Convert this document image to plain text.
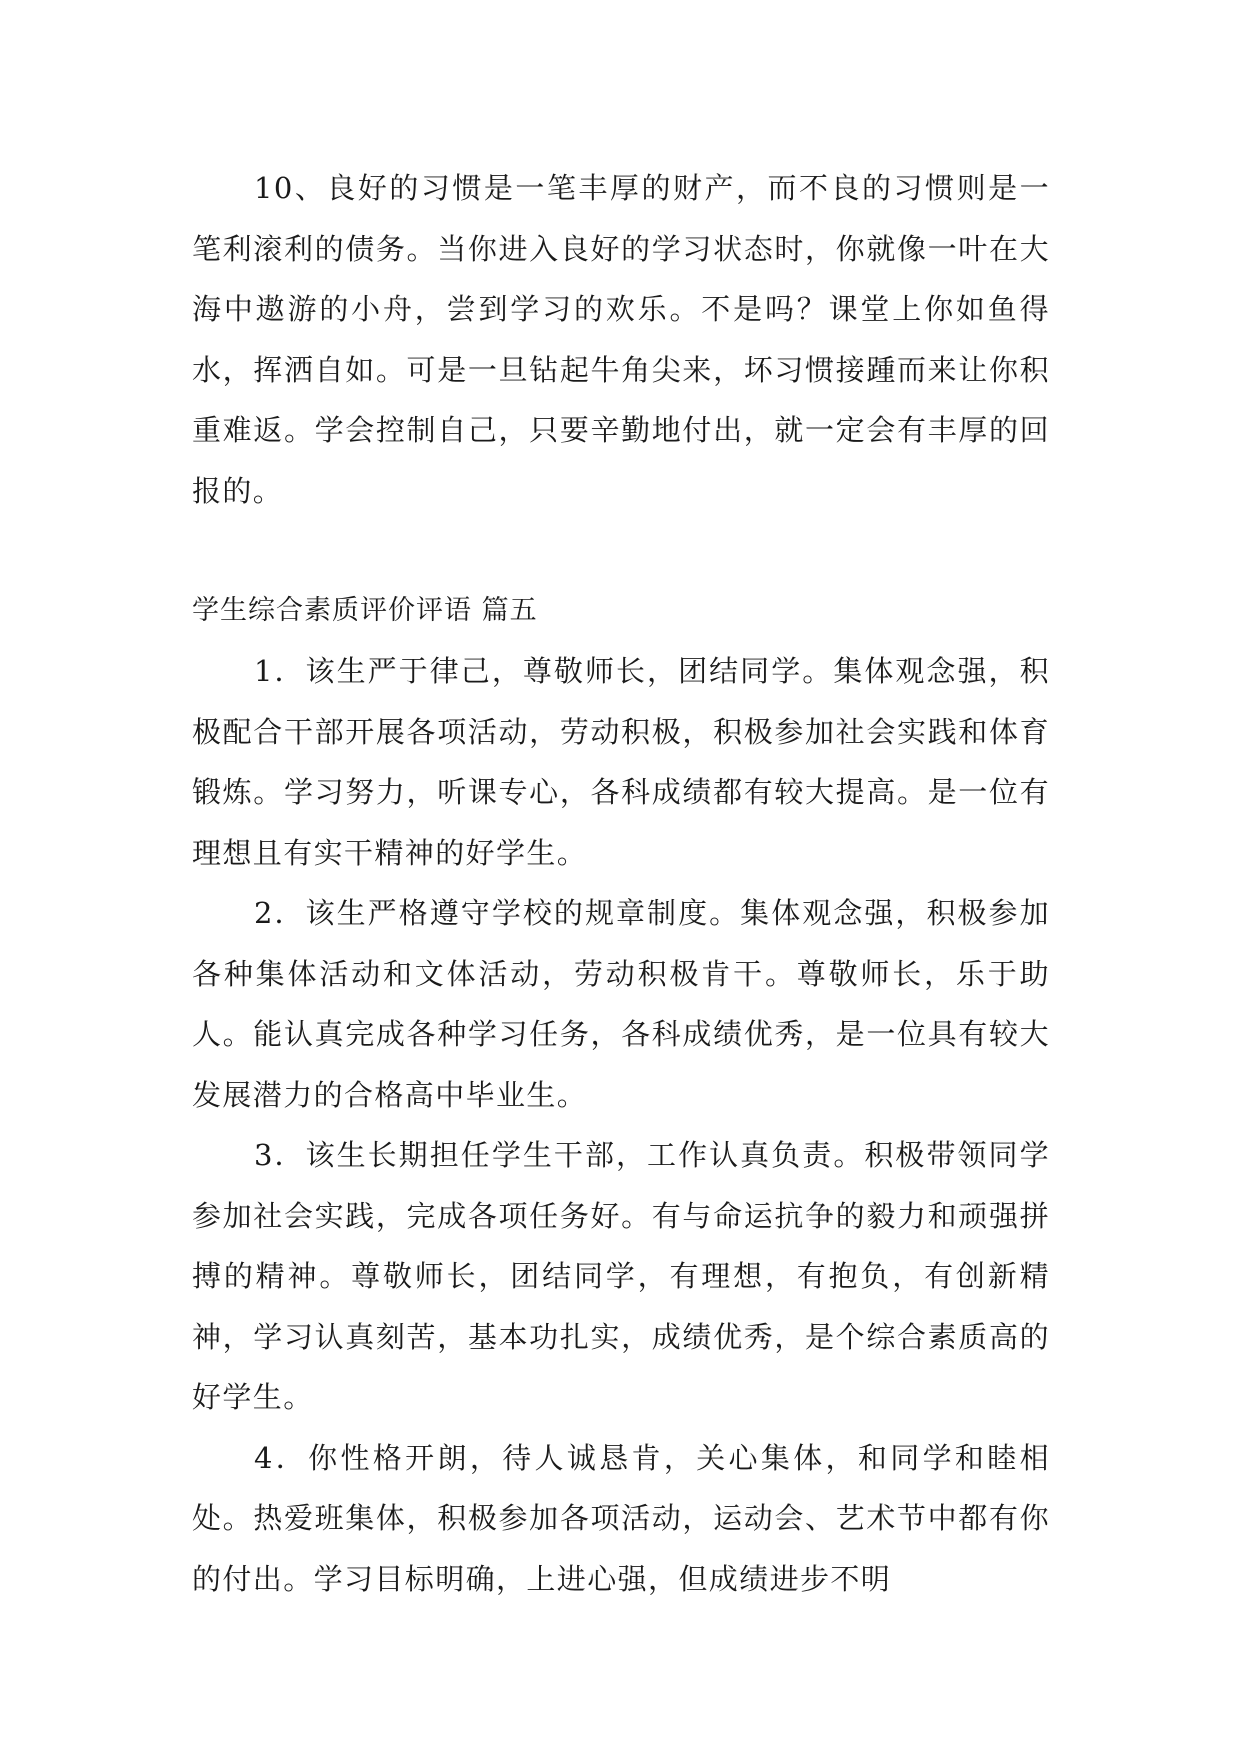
10、良好的习惯是一笔丰厚的财产，而不良的习惯则是一笔利滚利的债务。当你进入良好的学习状态时，你就像一叶在大海中遨游的小舟，尝到学习的欢乐。不是吗？课堂上你如鱼得水，挥洒自如。可是一旦钻起牛角尖来，坏习惯接踵而来让你积重难返。学会控制自己，只要辛勤地付出，就一定会有丰厚的回报的。

学生综合素质评价评语 篇五

1．该生严于律己，尊敬师长，团结同学。集体观念强，积极配合干部开展各项活动，劳动积极，积极参加社会实践和体育锻炼。学习努力，听课专心，各科成绩都有较大提高。是一位有理想且有实干精神的好学生。

2．该生严格遵守学校的规章制度。集体观念强，积极参加各种集体活动和文体活动，劳动积极肯干。尊敬师长，乐于助人。能认真完成各种学习任务，各科成绩优秀，是一位具有较大发展潜力的合格高中毕业生。

3．该生长期担任学生干部，工作认真负责。积极带领同学参加社会实践，完成各项任务好。有与命运抗争的毅力和顽强拼搏的精神。尊敬师长，团结同学，有理想，有抱负，有创新精神，学习认真刻苦，基本功扎实，成绩优秀，是个综合素质高的好学生。

4．你性格开朗，待人诚恳肯，关心集体，和同学和睦相处。热爱班集体，积极参加各项活动，运动会、艺术节中都有你的付出。学习目标明确，上进心强，但成绩进步不明
